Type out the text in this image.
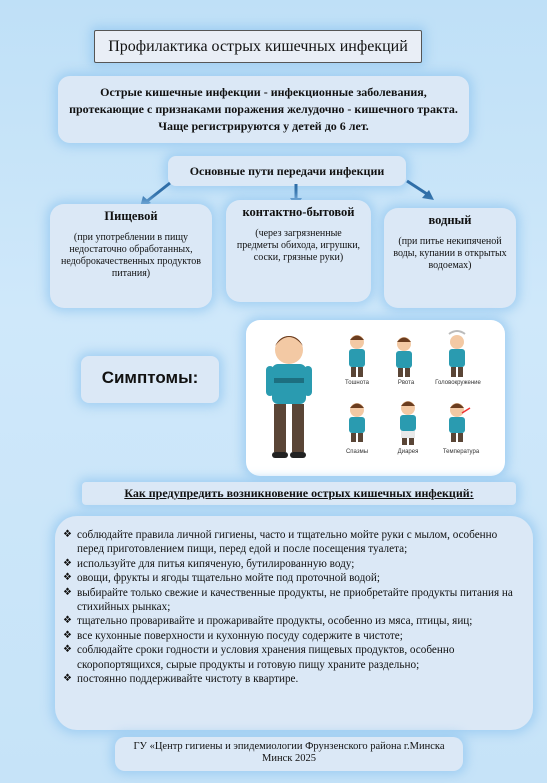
Профилактика острых кишечных инфекций
Острые кишечные инфекции - инфекционные заболевания, протекающие с признаками поражения желудочно - кишечного тракта. Чаще регистрируются у детей до 6 лет.
Основные пути передачи инфекции
Пищевой
(при употреблении в пищу недостаточно обработанных, недоброкачественных продуктов питания)
контактно-бытовой
(через загрязненные предметы обихода, игрушки, соски, грязные руки)
водный
(при питье некипяченой воды, купании в открытых водоемах)
Симптомы:	Тошнота	Рвота	Головокружение
Спазмы	Диарея	Температура
Как предупредить возникновение острых кишечных инфекций:
❖ соблюдайте правила личной гигиены, часто и тщательно мойте руки с мылом, особенно перед приготовлением пищи, перед едой и после посещения туалета;
❖ используйте для питья кипяченую, бутилированную воду;
❖ овощи, фрукты и ягоды тщательно мойте под проточной водой;
❖ выбирайте только свежие и качественные продукты, не приобретайте продукты питания на стихийных рынках;
❖ тщательно проваривайте и прожаривайте продукты, особенно из мяса, птицы, яиц;
❖ все кухонные поверхности и кухонную посуду содержите в чистоте;
❖ соблюдайте сроки годности и условия хранения пищевых продуктов, особенно скоропортящихся, сырые продукты и готовую пищу храните раздельно;
❖ постоянно поддерживайте чистоту в квартире.
ГУ «Центр гигиены и эпидемиологии Фрунзенского района г.Минска
Минск 2025
